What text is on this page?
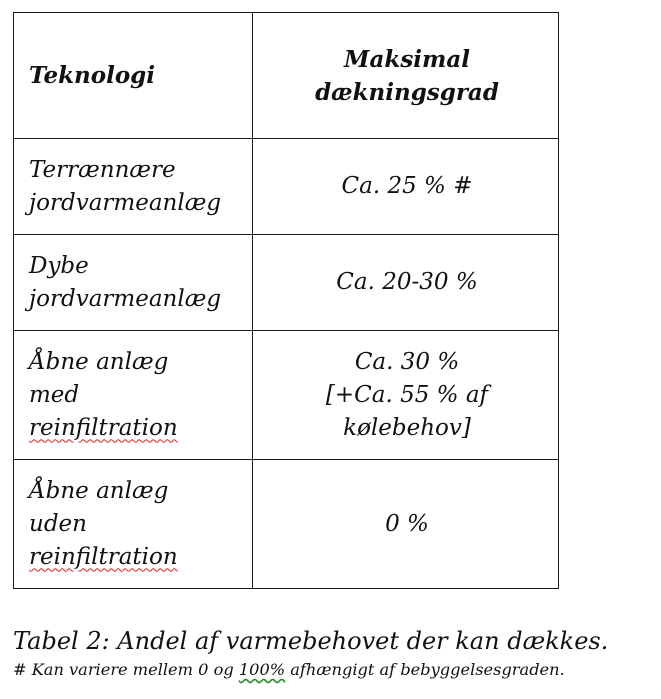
Teknologi	Maksimal
dækningsgrad

Terrænnære
jordvarmeanlæg	Ca. 25 % #

Dybe
jordvarmeanlæg	Ca. 20-30 %

Åbne anlæg
med
reinfiltration	Ca. 30 %
[+Ca. 55 % af
kølebehov]

Åbne anlæg
uden
reinfiltration	0 %

Tabel 2: Andel af varmebehovet der kan dækkes.

# Kan variere mellem 0 og 100% afhængigt af bebyggelsesgraden.
